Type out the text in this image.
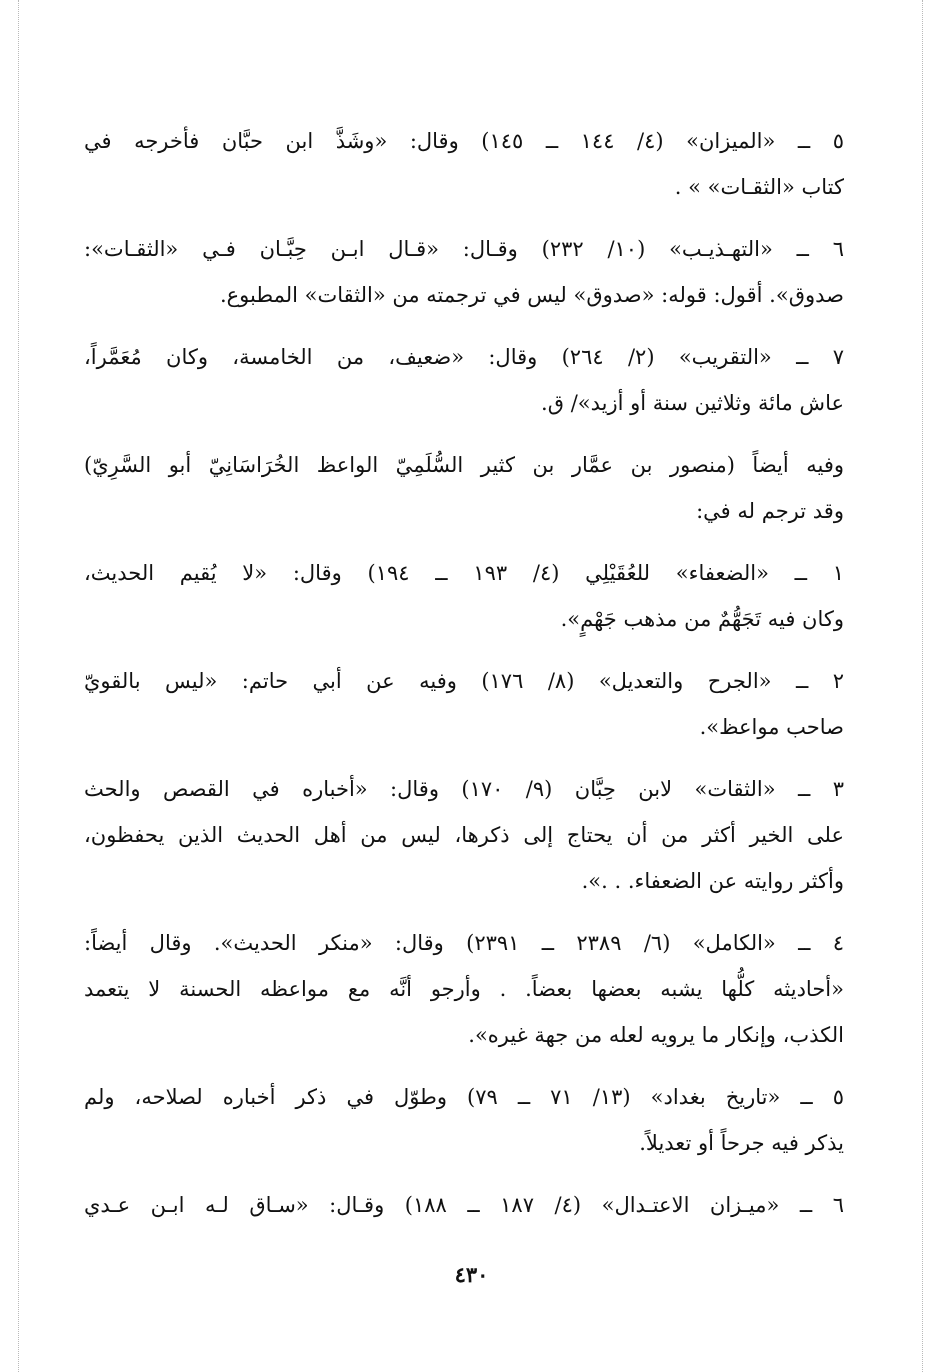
٥ ــ «الميزان» (٤/ ١٤٤ ــ ١٤٥) وقال: «وشَذَّ ابن حبَّان فأخرجه في
كتاب «الثقـات» » .

٦ ــ «التهـذيـب» (١٠/ ٢٣٢) وقـال: «قـال ابـن حِبَّـان فـي «الثقـات»:
صدوق». أقول: قوله: «صدوق» ليس في ترجمته من «الثقات» المطبوع.

٧ ــ «التقريب» (٢/ ٢٦٤) وقال: «ضعيف، من الخامسة، وكان مُعَمَّراً،
عاش مائة وثلاثين سنة أو أزيد»/ ق.

وفيه أيضاً (منصور بن عمَّار بن كثير السُّلَمِيّ الواعظ الخُرَاسَانِيّ أبو السَّرِيّ)
وقد ترجم له في:

١ ــ «الضعفاء» للعُقَيْلِي (٤/ ١٩٣ ــ ١٩٤) وقال: «لا يُقيم الحديث،
وكان فيه تَجَهُّمٌ من مذهب جَهْمٍ».

٢ ــ «الجرح والتعديل» (٨/ ١٧٦) وفيه عن أبي حاتم: «ليس بالقويّ
صاحب مواعظ».

٣ ــ «الثقات» لابن حِبَّان (٩/ ١٧٠) وقال: «أخباره في القصص والحث
على الخير أكثر من أن يحتاج إلى ذكرها، ليس من أهل الحديث الذين يحفظون،
وأكثر روايته عن الضعفاء. . .».

٤ ــ «الكامل» (٦/ ٢٣٨٩ ــ ٢٣٩١) وقال: «منكر الحديث». وقال أيضاً:
«أحاديثه كلُّها يشبه بعضها بعضاً. . وأرجو أنَّه مع مواعظه الحسنة لا يتعمد
الكذب، وإنكار ما يرويه لعله من جهة غيره».

٥ ــ «تاريخ بغداد» (١٣/ ٧١ ــ ٧٩) وطوّل في ذكر أخباره لصلاحه، ولم
يذكر فيه جرحاً أو تعديلاً.

٦ ــ «ميـزان الاعتـدال» (٤/ ١٨٧ ــ ١٨٨) وقـال: «سـاق لـه ابـن عـدي

٤٣٠
